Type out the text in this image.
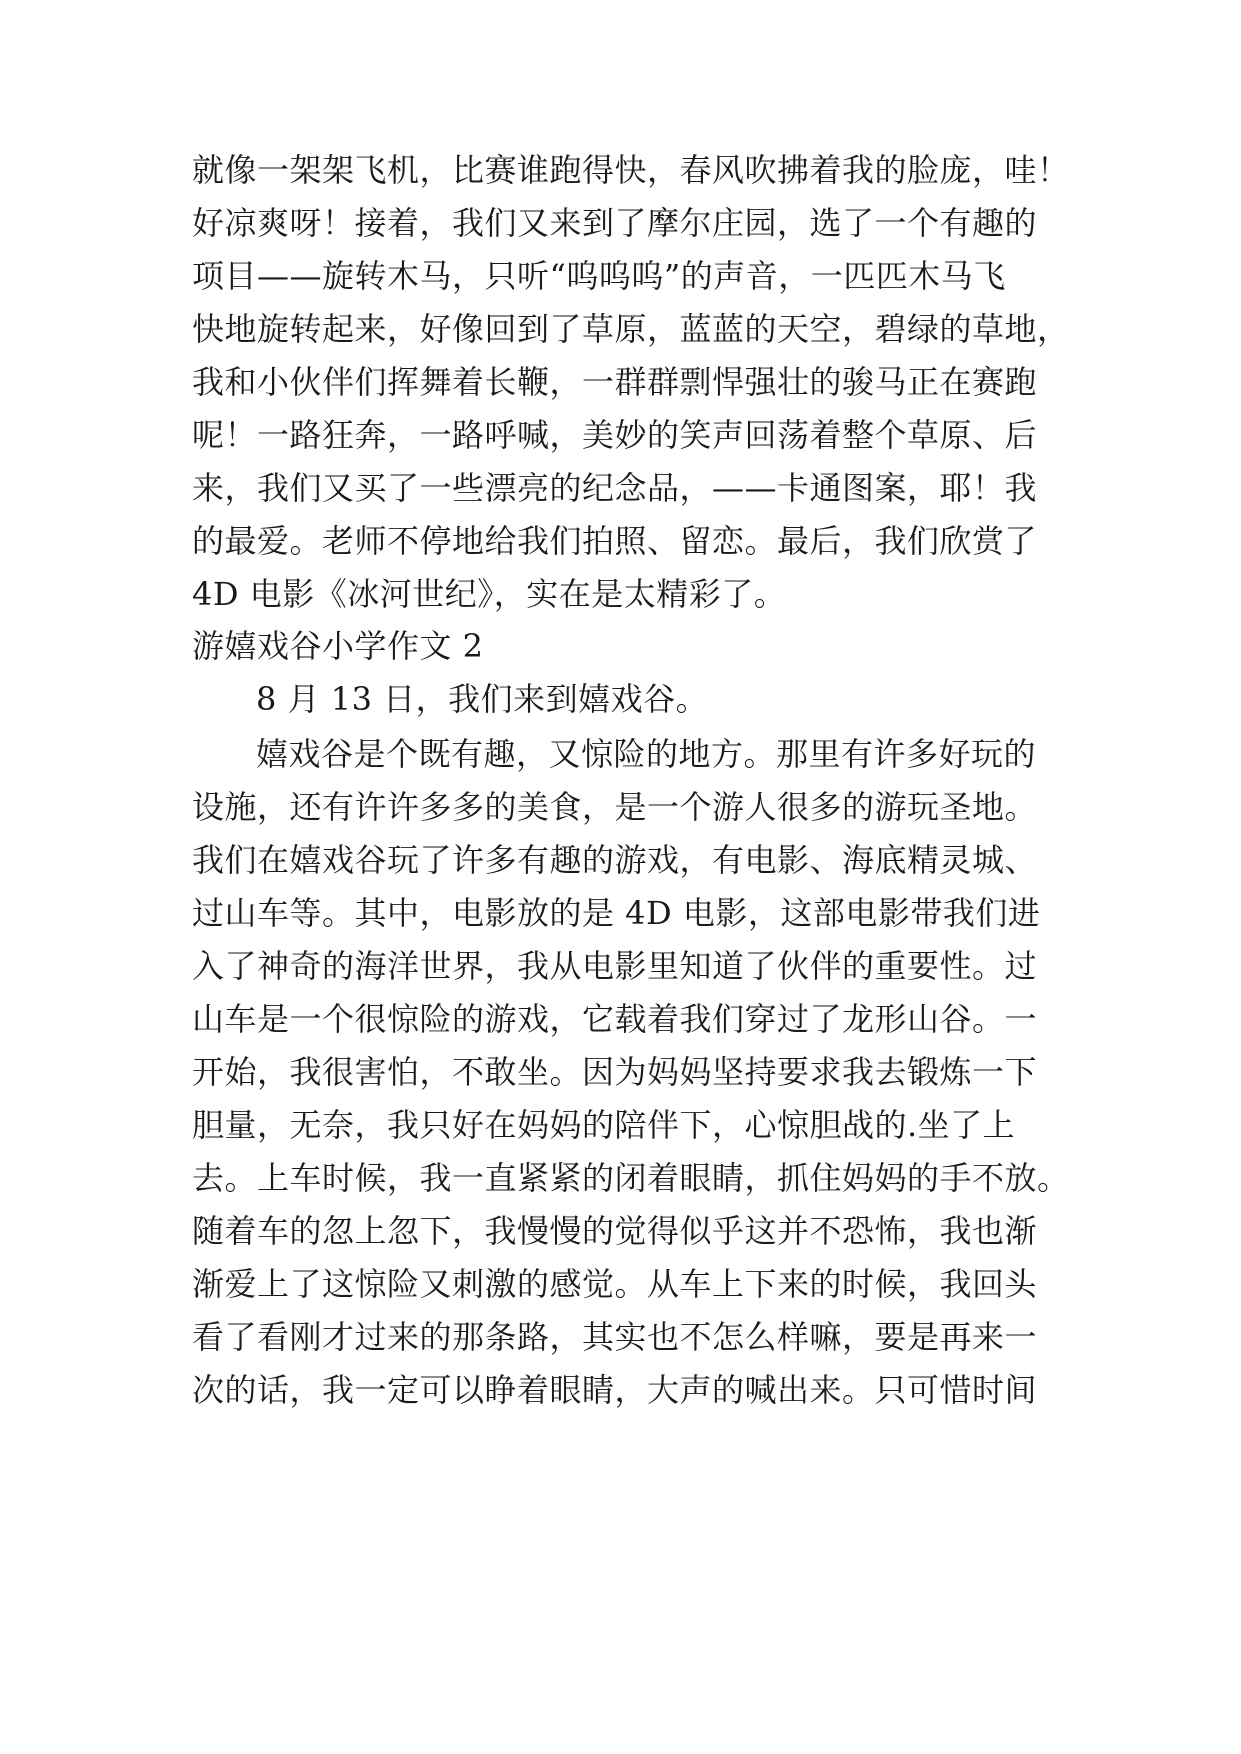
就像一架架飞机，比赛谁跑得快，春风吹拂着我的脸庞，哇！
好凉爽呀！接着，我们又来到了摩尔庄园，选了一个有趣的
项目——旋转木马，只听“呜呜呜”的声音，一匹匹木马飞
快地旋转起来，好像回到了草原，蓝蓝的天空，碧绿的草地，
我和小伙伴们挥舞着长鞭，一群群剽悍强壮的骏马正在赛跑
呢！一路狂奔，一路呼喊，美妙的笑声回荡着整个草原、后
来，我们又买了一些漂亮的纪念品，——卡通图案，耶！我
的最爱。老师不停地给我们拍照、留恋。最后，我们欣赏了
4D 电影《冰河世纪》，实在是太精彩了。
游嬉戏谷小学作文 2
8 月 13 日，我们来到嬉戏谷。
嬉戏谷是个既有趣，又惊险的地方。那里有许多好玩的
设施，还有许许多多的美食，是一个游人很多的游玩圣地。
我们在嬉戏谷玩了许多有趣的游戏，有电影、海底精灵城、
过山车等。其中，电影放的是 4D 电影，这部电影带我们进
入了神奇的海洋世界，我从电影里知道了伙伴的重要性。过
山车是一个很惊险的游戏，它载着我们穿过了龙形山谷。一
开始，我很害怕，不敢坐。因为妈妈坚持要求我去锻炼一下
胆量，无奈，我只好在妈妈的陪伴下，心惊胆战的.坐了上
去。上车时候，我一直紧紧的闭着眼睛，抓住妈妈的手不放。
随着车的忽上忽下，我慢慢的觉得似乎这并不恐怖，我也渐
渐爱上了这惊险又刺激的感觉。从车上下来的时候，我回头
看了看刚才过来的那条路，其实也不怎么样嘛，要是再来一
次的话，我一定可以睁着眼睛，大声的喊出来。只可惜时间
